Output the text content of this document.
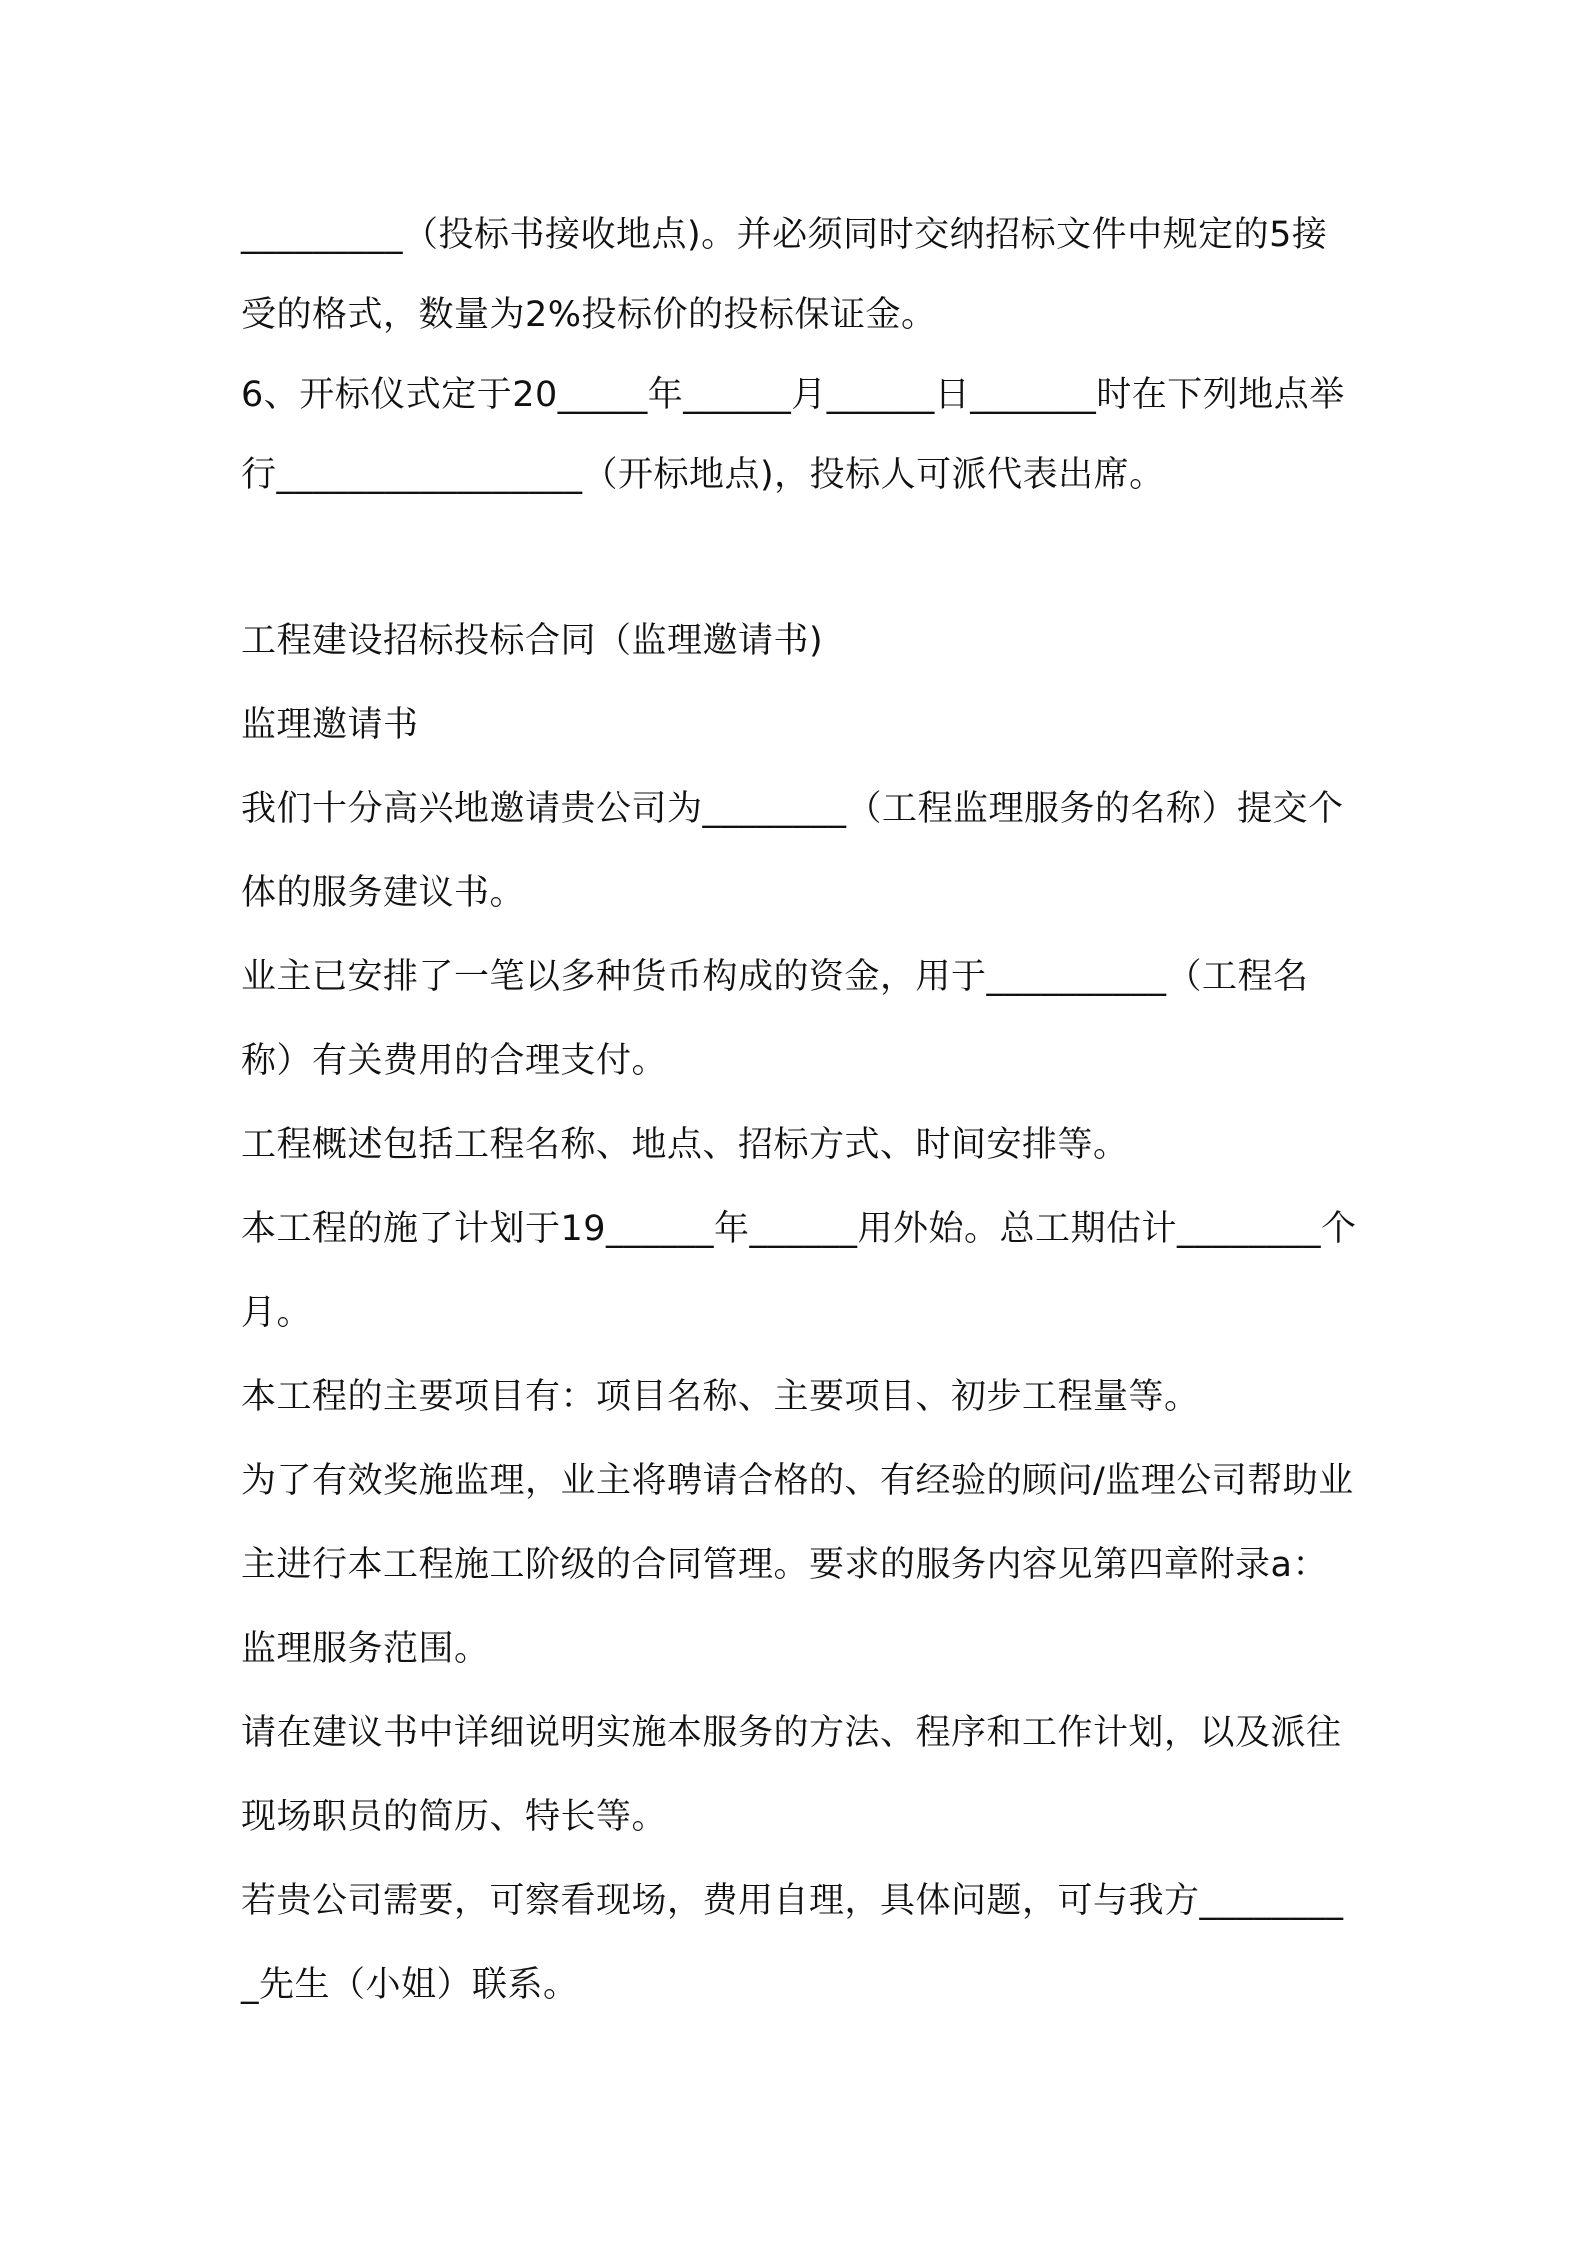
_________（投标书接收地点)。并必须同时交纳招标文件中规定的5接受的格式，数量为2%投标价的投标保证金。

6、开标仪式定于20_____年______月______日_______时在下列地点举行_________________（开标地点)，投标人可派代表出席。

工程建设招标投标合同（监理邀请书)

监理邀请书

我们十分高兴地邀请贵公司为________（工程监理服务的名称）提交个体的服务建议书。

业主已安排了一笔以多种货币构成的资金，用于__________（工程名称）有关费用的合理支付。

工程概述包括工程名称、地点、招标方式、时间安排等。

本工程的施了计划于19______年______用外始。总工期估计________个月。

本工程的主要项目有：项目名称、主要项目、初步工程量等。

为了有效奖施监理，业主将聘请合格的、有经验的顾问/监理公司帮助业主进行本工程施工阶级的合同管理。要求的服务内容见第四章附录a：监理服务范围。

请在建议书中详细说明实施本服务的方法、程序和工作计划，以及派往现场职员的简历、特长等。

若贵公司需要，可察看现场，费用自理，具体问题，可与我方_________先生（小姐）联系。
